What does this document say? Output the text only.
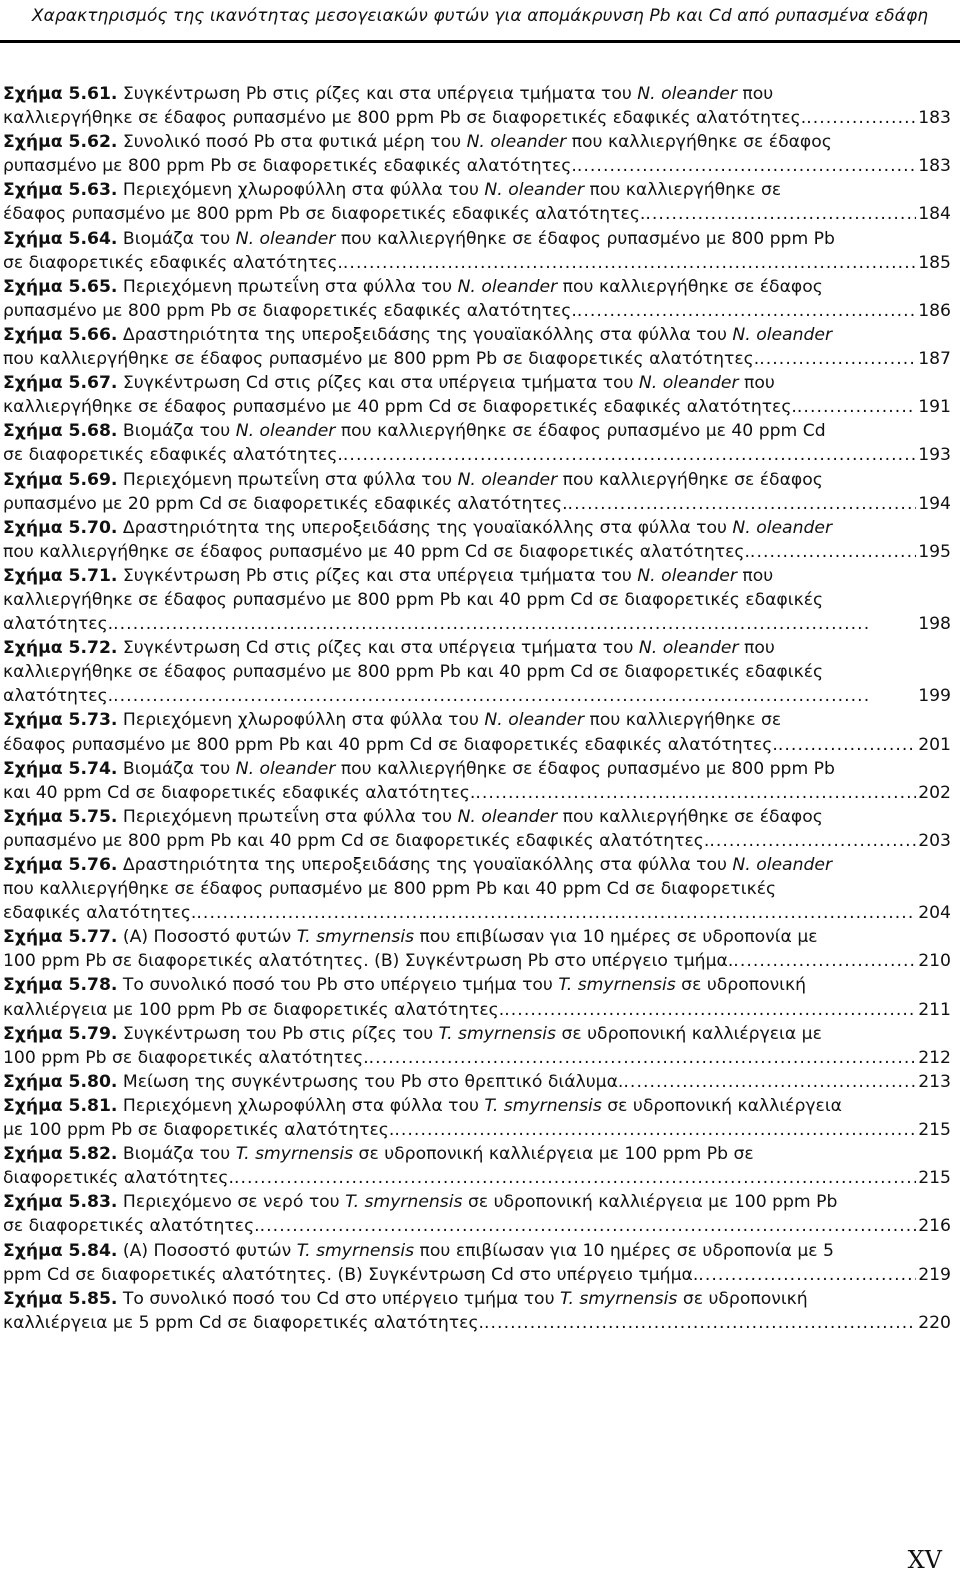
Χαρακτηρισμός της ικανότητας μεσογειακών φυτών για απομάκρυνση Pb και Cd από ρυπασμένα εδάφη
Σχήμα 5.61. Συγκέντρωση Pb στις ρίζες και στα υπέργεια τμήματα του N. oleander που
καλλιεργήθηκε σε έδαφος ρυπασμένο με 800 ppm Pb σε διαφορετικές εδαφικές αλατότητες. . . .	183
Σχήμα 5.62. Συνολικό ποσό Pb στα φυτικά μέρη του N. oleander που καλλιεργήθηκε σε έδαφος
ρυπασμένο με 800 ppm Pb σε διαφορετικές εδαφικές αλατότητες. . . .	183
Σχήμα 5.63. Περιεχόμενη χλωροφύλλη στα φύλλα του N. oleander που καλλιεργήθηκε σε
έδαφος ρυπασμένο με 800 ppm Pb σε διαφορετικές εδαφικές αλατότητες. . . .	184
Σχήμα 5.64. Βιομάζα του N. oleander που καλλιεργήθηκε σε έδαφος ρυπασμένο με 800 ppm Pb
σε διαφορετικές εδαφικές αλατότητες. . . .	185
Σχήμα 5.65. Περιεχόμενη πρωτεΐνη στα φύλλα του N. oleander που καλλιεργήθηκε σε έδαφος
ρυπασμένο με 800 ppm Pb σε διαφορετικές εδαφικές αλατότητες. . . .	186
Σχήμα 5.66. Δραστηριότητα της υπεροξειδάσης της γουαϊακόλλης στα φύλλα του N. oleander
που καλλιεργήθηκε σε έδαφος ρυπασμένο με 800 ppm Pb σε διαφορετικές αλατότητες. . . .	187
Σχήμα 5.67. Συγκέντρωση Cd στις ρίζες και στα υπέργεια τμήματα του N. oleander που
καλλιεργήθηκε σε έδαφος ρυπασμένο με 40 ppm Cd σε διαφορετικές εδαφικές αλατότητες. . . .	191
Σχήμα 5.68. Βιομάζα του N. oleander που καλλιεργήθηκε σε έδαφος ρυπασμένο με 40 ppm Cd
σε διαφορετικές εδαφικές αλατότητες. . . .	193
Σχήμα 5.69. Περιεχόμενη πρωτεΐνη στα φύλλα του N. oleander που καλλιεργήθηκε σε έδαφος
ρυπασμένο με 20 ppm Cd σε διαφορετικές εδαφικές αλατότητες. . . .	194
Σχήμα 5.70. Δραστηριότητα της υπεροξειδάσης της γουαϊακόλλης στα φύλλα του N. oleander
που καλλιεργήθηκε σε έδαφος ρυπασμένο με 40 ppm Cd σε διαφορετικές αλατότητες. . . .	195
Σχήμα 5.71. Συγκέντρωση Pb στις ρίζες και στα υπέργεια τμήματα του N. oleander που
καλλιεργήθηκε σε έδαφος ρυπασμένο με 800 ppm Pb και 40 ppm Cd σε διαφορετικές εδαφικές
αλατότητες. . . .	198
Σχήμα 5.72. Συγκέντρωση Cd στις ρίζες και στα υπέργεια τμήματα του N. oleander που
καλλιεργήθηκε σε έδαφος ρυπασμένο με 800 ppm Pb και 40 ppm Cd σε διαφορετικές εδαφικές
αλατότητες. . . .	199
Σχήμα 5.73. Περιεχόμενη χλωροφύλλη στα φύλλα του N. oleander που καλλιεργήθηκε σε
έδαφος ρυπασμένο με 800 ppm Pb και 40 ppm Cd σε διαφορετικές εδαφικές αλατότητες. . . .	201
Σχήμα 5.74. Βιομάζα του N. oleander που καλλιεργήθηκε σε έδαφος ρυπασμένο με 800 ppm Pb
και 40 ppm Cd σε διαφορετικές εδαφικές αλατότητες. . . .	202
Σχήμα 5.75. Περιεχόμενη πρωτεΐνη στα φύλλα του N. oleander που καλλιεργήθηκε σε έδαφος
ρυπασμένο με 800 ppm Pb και 40 ppm Cd σε διαφορετικές εδαφικές αλατότητες. . . .	203
Σχήμα 5.76. Δραστηριότητα της υπεροξειδάσης της γουαϊακόλλης στα φύλλα του N. oleander
που καλλιεργήθηκε σε έδαφος ρυπασμένο με 800 ppm Pb και 40 ppm Cd σε διαφορετικές
εδαφικές αλατότητες. . . .	204
Σχήμα 5.77. (Α) Ποσοστό φυτών T. smyrnensis που επιβίωσαν για 10 ημέρες σε υδροπονία με
100 ppm Pb σε διαφορετικές αλατότητες. (Β) Συγκέντρωση Pb στο υπέργειο τμήμα. . . .	210
Σχήμα 5.78. Το συνολικό ποσό του Pb στο υπέργειο τμήμα του T. smyrnensis σε υδροπονική
καλλιέργεια με 100 ppm Pb σε διαφορετικές αλατότητες. . . .	211
Σχήμα 5.79. Συγκέντρωση του Pb στις ρίζες του T. smyrnensis σε υδροπονική καλλιέργεια με
100 ppm Pb σε διαφορετικές αλατότητες. . . .	212
Σχήμα 5.80. Μείωση της συγκέντρωσης του Pb στο θρεπτικό διάλυμα. . . .	213
Σχήμα 5.81. Περιεχόμενη χλωροφύλλη στα φύλλα του T. smyrnensis σε υδροπονική καλλιέργεια
με 100 ppm Pb σε διαφορετικές αλατότητες. . . .	215
Σχήμα 5.82. Βιομάζα του T. smyrnensis σε υδροπονική καλλιέργεια με 100 ppm Pb σε
διαφορετικές αλατότητες. . . .	215
Σχήμα 5.83. Περιεχόμενο σε νερό του T. smyrnensis σε υδροπονική καλλιέργεια με 100 ppm Pb
σε διαφορετικές αλατότητες. . . .	216
Σχήμα 5.84. (Α) Ποσοστό φυτών T. smyrnensis που επιβίωσαν για 10 ημέρες σε υδροπονία με 5
ppm Cd σε διαφορετικές αλατότητες. (Β) Συγκέντρωση Cd στο υπέργειο τμήμα. . . .	219
Σχήμα 5.85. Το συνολικό ποσό του Cd στο υπέργειο τμήμα του T. smyrnensis σε υδροπονική
καλλιέργεια με 5 ppm Cd σε διαφορετικές αλατότητες. . . .	220
XV
